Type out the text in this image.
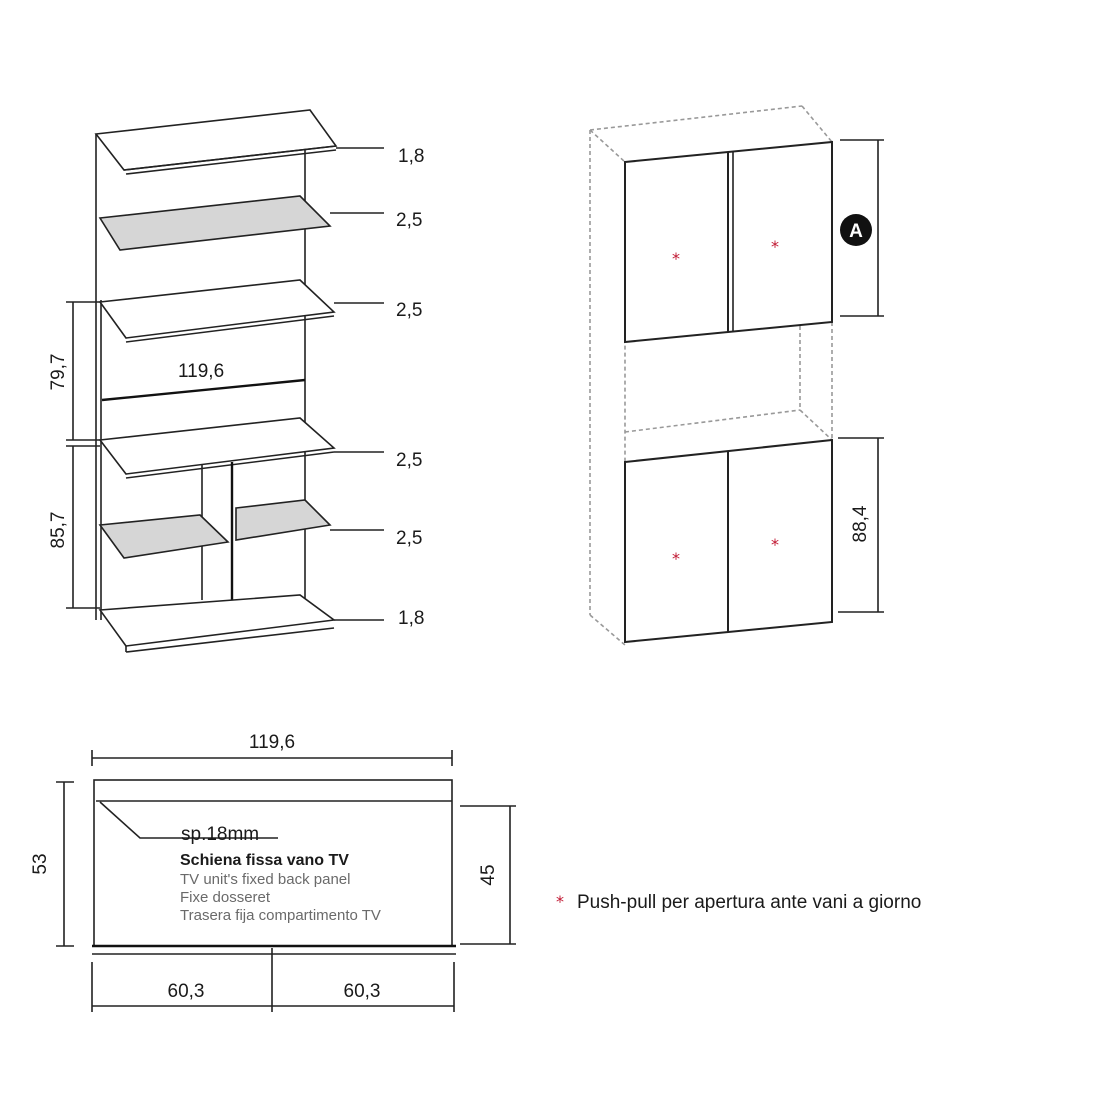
1,8
2,5
2,5
2,5
2,5
1,8
119,6
79,7
85,7
*
*
*
*
A
88,4
119,6
sp.18mm
Schiena fissa vano TV
TV unit's fixed back panel
Fixe dosseret
Trasera fija compartimento TV
53
45
60,3	60,3
* Push-pull per apertura ante vani a giorno
